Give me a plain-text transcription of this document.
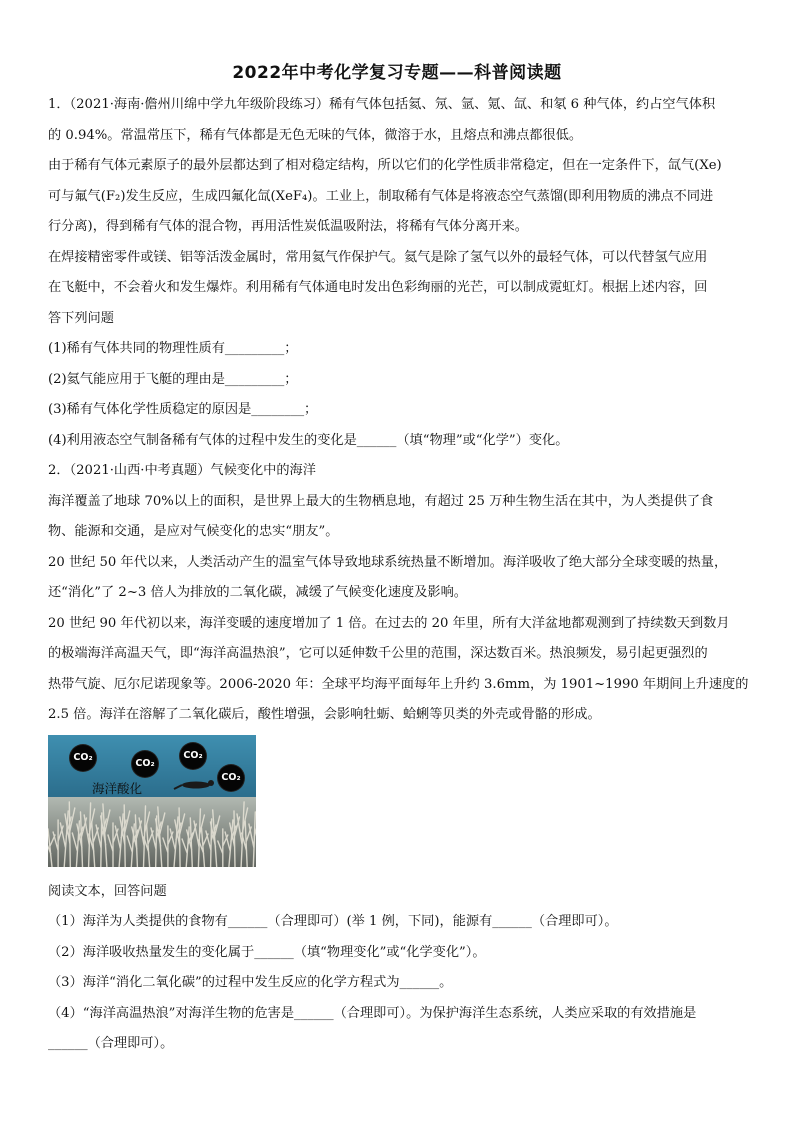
2022年中考化学复习专题——科普阅读题
1．（2021·海南·儋州川绵中学九年级阶段练习）稀有气体包括氦、氖、氩、氪、氙、和氡 6 种气体，约占空气体积
的 0.94%。常温常压下，稀有气体都是无色无味的气体，微溶于水，且熔点和沸点都很低。
由于稀有气体元素原子的最外层都达到了相对稳定结构，所以它们的化学性质非常稳定，但在一定条件下，氙气(Xe)
可与氟气(F₂)发生反应，生成四氟化氙(XeF₄)。工业上，制取稀有气体是将液态空气蒸馏(即利用物质的沸点不同进
行分离)，得到稀有气体的混合物，再用活性炭低温吸附法，将稀有气体分离开来。
在焊接精密零件或镁、铝等活泼金属时，常用氦气作保护气。氦气是除了氢气以外的最轻气体，可以代替氢气应用
在飞艇中，不会着火和发生爆炸。利用稀有气体通电时发出色彩绚丽的光芒，可以制成霓虹灯。根据上述内容，回
答下列问题
(1)稀有气体共同的物理性质有_________；
(2)氦气能应用于飞艇的理由是_________；
(3)稀有气体化学性质稳定的原因是________；
(4)利用液态空气制备稀有气体的过程中发生的变化是______（填“物理”或“化学”）变化。
2．（2021·山西·中考真题）气候变化中的海洋
海洋覆盖了地球 70%以上的面积，是世界上最大的生物栖息地，有超过 25 万种生物生活在其中，为人类提供了食
物、能源和交通，是应对气候变化的忠实“朋友”。
20 世纪 50 年代以来，人类活动产生的温室气体导致地球系统热量不断增加。海洋吸收了绝大部分全球变暖的热量，
还“消化”了 2~3 倍人为排放的二氧化碳，减缓了气候变化速度及影响。
20 世纪 90 年代初以来，海洋变暖的速度增加了 1 倍。在过去的 20 年里，所有大洋盆地都观测到了持续数天到数月
的极端海洋高温天气，即“海洋高温热浪”，它可以延伸数千公里的范围，深达数百米。热浪频发，易引起更强烈的
热带气旋、厄尔尼诺现象等。2006-2020 年：全球平均海平面每年上升约 3.6mm，为 1901~1990 年期间上升速度的
2.5 倍。海洋在溶解了二氧化碳后，酸性增强，会影响牡蛎、蛤蜊等贝类的外壳或骨骼的形成。
CO₂
CO₂
CO₂
CO₂
海洋酸化
阅读文本，回答问题
（1）海洋为人类提供的食物有______（合理即可）(举 1 例，下同)，能源有______（合理即可）。
（2）海洋吸收热量发生的变化属于______（填“物理变化”或“化学变化”）。
（3）海洋“消化二氧化碳”的过程中发生反应的化学方程式为______。
（4）“海洋高温热浪”对海洋生物的危害是______（合理即可）。为保护海洋生态系统，人类应采取的有效措施是
______（合理即可）。
